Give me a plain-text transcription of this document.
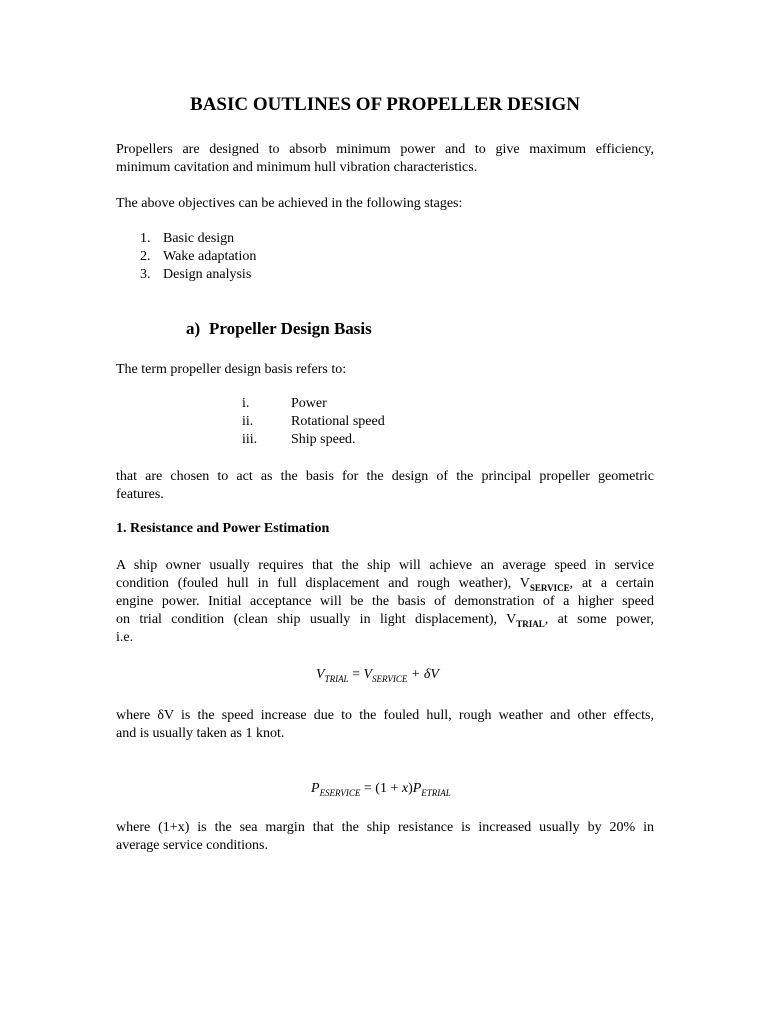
BASIC OUTLINES OF PROPELLER DESIGN

Propellers are designed to absorb minimum power and to give maximum efficiency,
minimum cavitation and minimum hull vibration characteristics.

The above objectives can be achieved in the following stages:

1. Basic design
2. Wake adaptation
3. Design analysis
a) Propeller Design Basis

The term propeller design basis refers to:

i.	Power
ii.	Rotational speed
iii. Ship speed.

that are chosen to act as the basis for the design of the principal propeller geometric
features.

1. Resistance and Power Estimation

A ship owner usually requires that the ship will achieve an average speed in service
condition (fouled hull in full displacement and rough weather), $V_{SERVICE}$, at a certain
engine power. Initial acceptance will be the basis of demonstration of a higher speed
on trial condition (clean ship usually in light displacement), $V_{TRIAL}$, at some power,
i.e.

$V_{TRIAL} = V_{SERVICE} + \delta V$

where δV is the speed increase due to the fouled hull, rough weather and other effects,
and is usually taken as 1 knot.

$P_{ESERVICE} = (1 + x)P_{ETRIAL}$

where (1+x) is the sea margin that the ship resistance is increased usually by 20% in
average service conditions.
